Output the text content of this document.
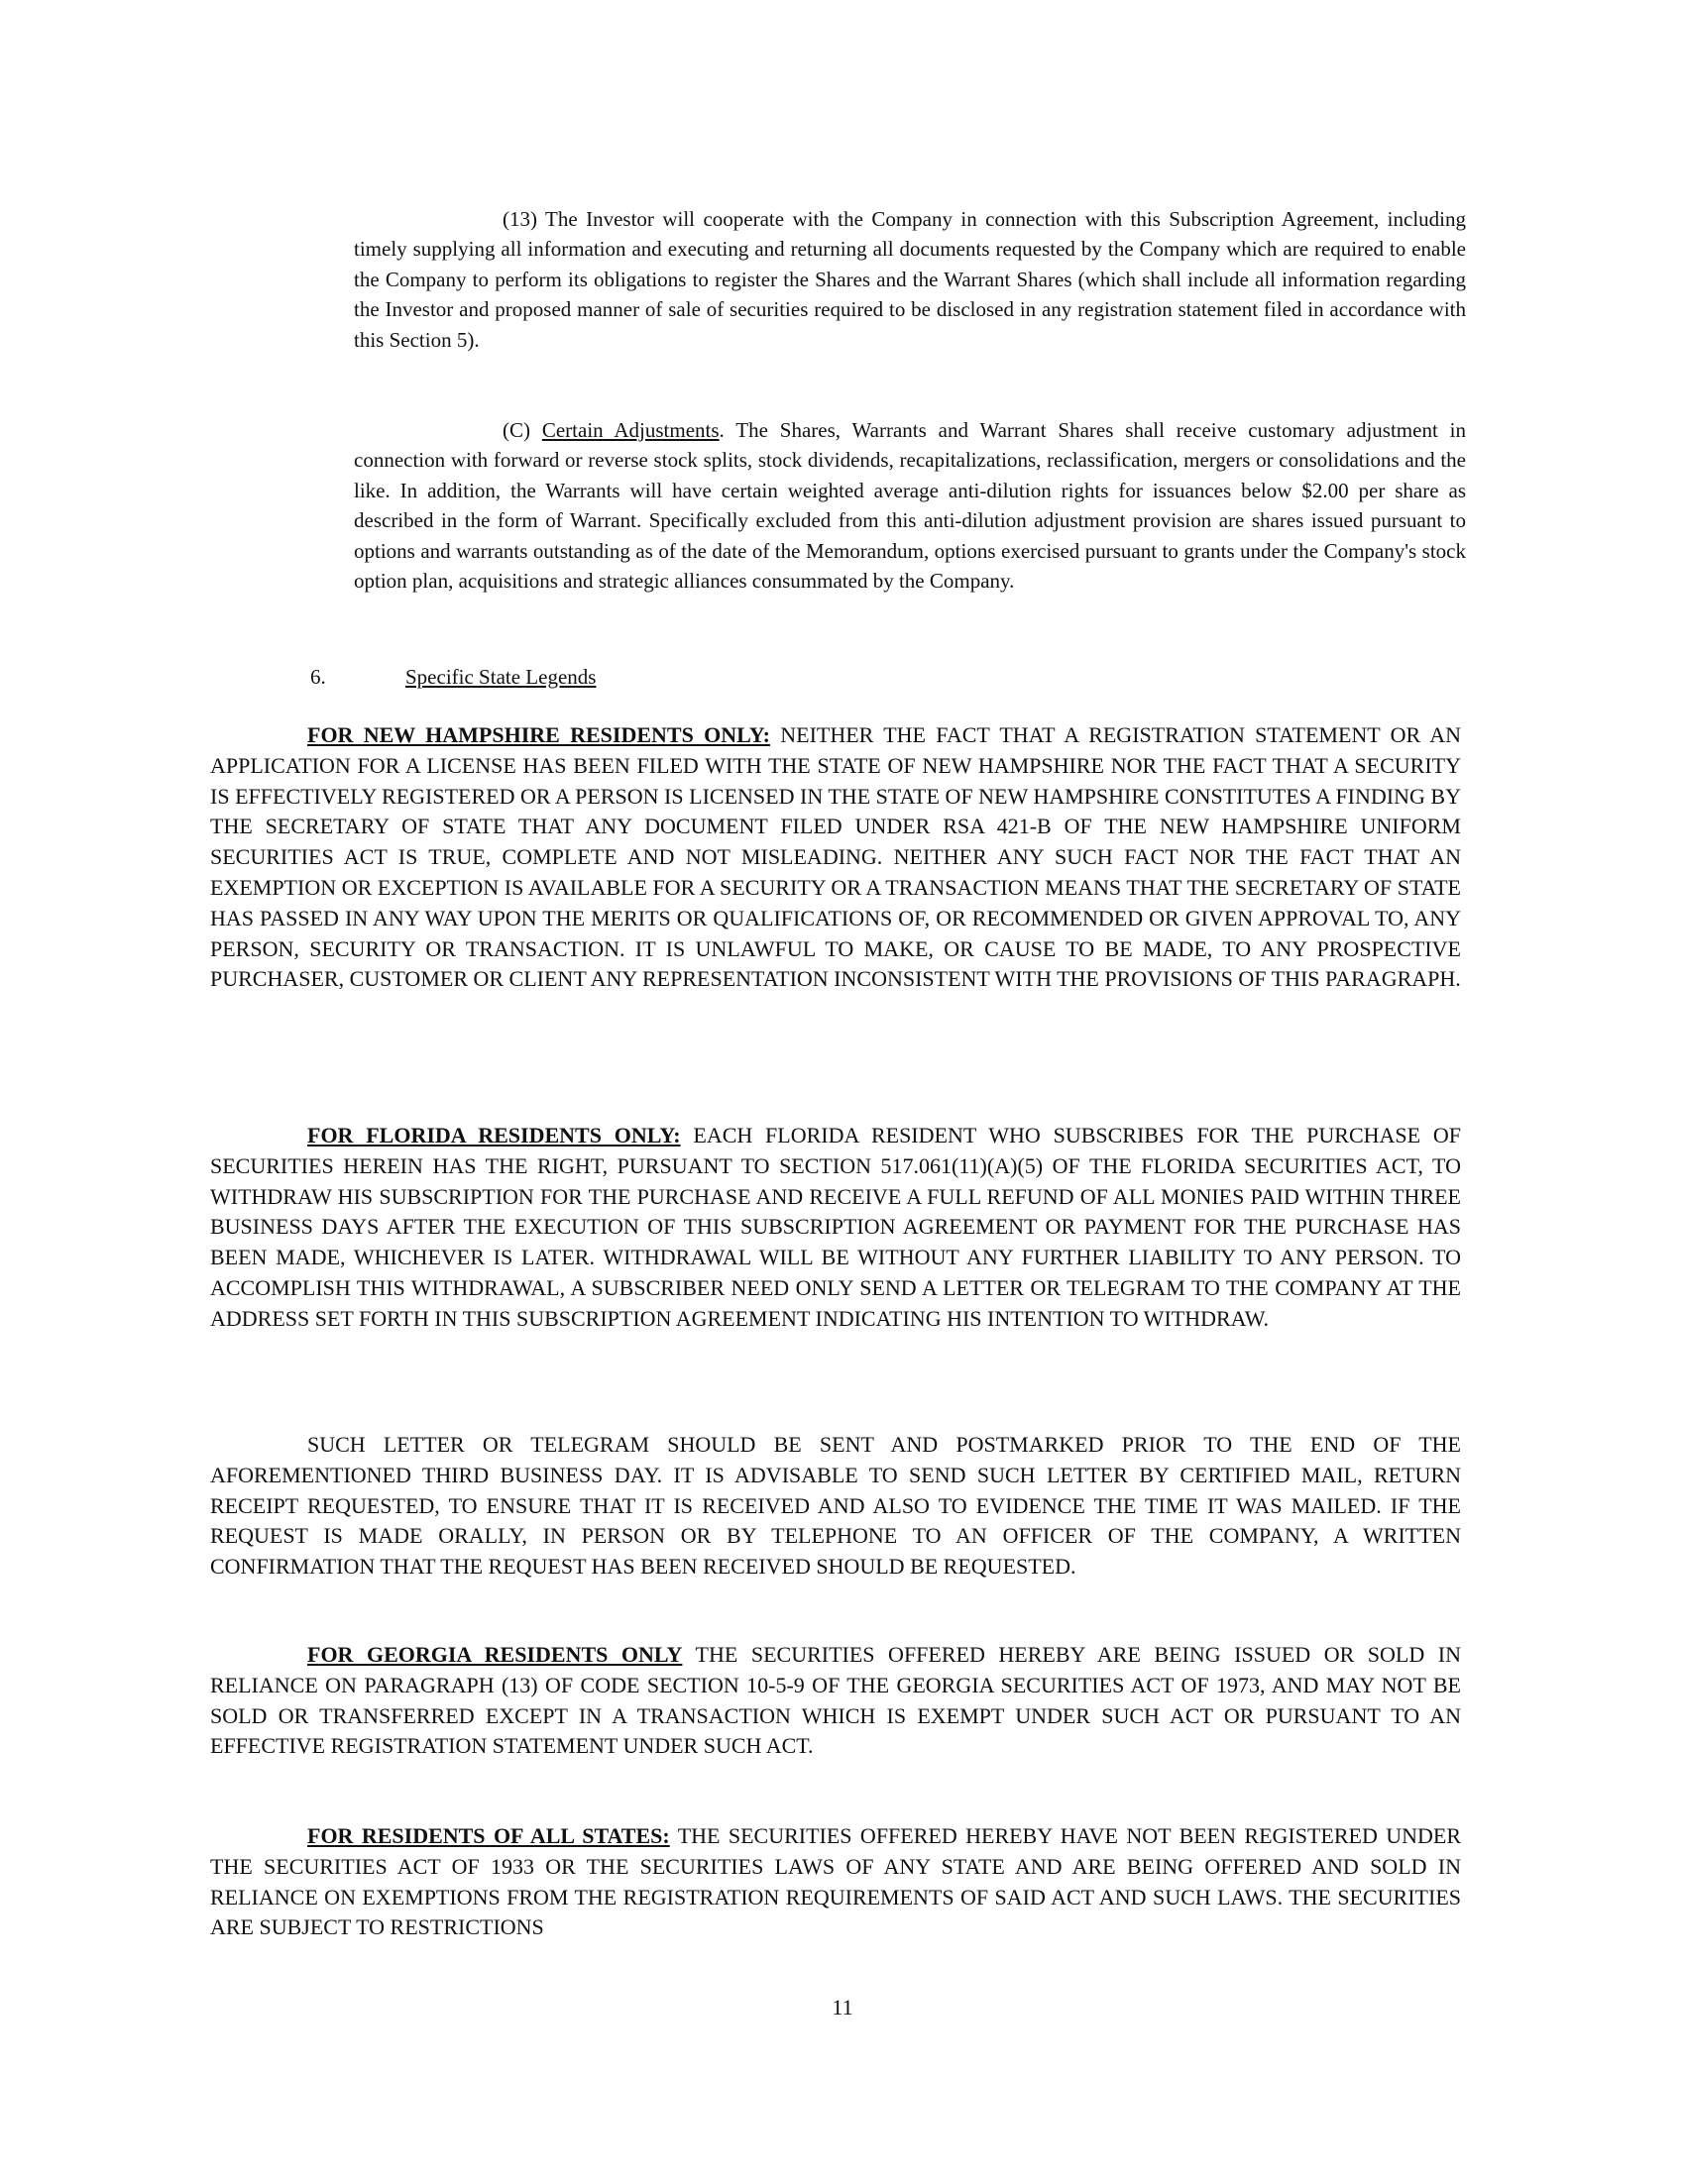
(13) The Investor will cooperate with the Company in connection with this Subscription Agreement, including timely supplying all information and executing and returning all documents requested by the Company which are required to enable the Company to perform its obligations to register the Shares and the Warrant Shares (which shall include all information regarding the Investor and proposed manner of sale of securities required to be disclosed in any registration statement filed in accordance with this Section 5).

(C) Certain Adjustments. The Shares, Warrants and Warrant Shares shall receive customary adjustment in connection with forward or reverse stock splits, stock dividends, recapitalizations, reclassification, mergers or consolidations and the like. In addition, the Warrants will have certain weighted average anti-dilution rights for issuances below $2.00 per share as described in the form of Warrant. Specifically excluded from this anti-dilution adjustment provision are shares issued pursuant to options and warrants outstanding as of the date of the Memorandum, options exercised pursuant to grants under the Company's stock option plan, acquisitions and strategic alliances consummated by the Company.

6.	Specific State Legends

FOR NEW HAMPSHIRE RESIDENTS ONLY: NEITHER THE FACT THAT A REGISTRATION STATEMENT OR AN APPLICATION FOR A LICENSE HAS BEEN FILED WITH THE STATE OF NEW HAMPSHIRE NOR THE FACT THAT A SECURITY IS EFFECTIVELY REGISTERED OR A PERSON IS LICENSED IN THE STATE OF NEW HAMPSHIRE CONSTITUTES A FINDING BY THE SECRETARY OF STATE THAT ANY DOCUMENT FILED UNDER RSA 421-B OF THE NEW HAMPSHIRE UNIFORM SECURITIES ACT IS TRUE, COMPLETE AND NOT MISLEADING. NEITHER ANY SUCH FACT NOR THE FACT THAT AN EXEMPTION OR EXCEPTION IS AVAILABLE FOR A SECURITY OR A TRANSACTION MEANS THAT THE SECRETARY OF STATE HAS PASSED IN ANY WAY UPON THE MERITS OR QUALIFICATIONS OF, OR RECOMMENDED OR GIVEN APPROVAL TO, ANY PERSON, SECURITY OR TRANSACTION. IT IS UNLAWFUL TO MAKE, OR CAUSE TO BE MADE, TO ANY PROSPECTIVE PURCHASER, CUSTOMER OR CLIENT ANY REPRESENTATION INCONSISTENT WITH THE PROVISIONS OF THIS PARAGRAPH.

FOR FLORIDA RESIDENTS ONLY: EACH FLORIDA RESIDENT WHO SUBSCRIBES FOR THE PURCHASE OF SECURITIES HEREIN HAS THE RIGHT, PURSUANT TO SECTION 517.061(11)(A)(5) OF THE FLORIDA SECURITIES ACT, TO WITHDRAW HIS SUBSCRIPTION FOR THE PURCHASE AND RECEIVE A FULL REFUND OF ALL MONIES PAID WITHIN THREE BUSINESS DAYS AFTER THE EXECUTION OF THIS SUBSCRIPTION AGREEMENT OR PAYMENT FOR THE PURCHASE HAS BEEN MADE, WHICHEVER IS LATER. WITHDRAWAL WILL BE WITHOUT ANY FURTHER LIABILITY TO ANY PERSON. TO ACCOMPLISH THIS WITHDRAWAL, A SUBSCRIBER NEED ONLY SEND A LETTER OR TELEGRAM TO THE COMPANY AT THE ADDRESS SET FORTH IN THIS SUBSCRIPTION AGREEMENT INDICATING HIS INTENTION TO WITHDRAW.

SUCH LETTER OR TELEGRAM SHOULD BE SENT AND POSTMARKED PRIOR TO THE END OF THE AFOREMENTIONED THIRD BUSINESS DAY. IT IS ADVISABLE TO SEND SUCH LETTER BY CERTIFIED MAIL, RETURN RECEIPT REQUESTED, TO ENSURE THAT IT IS RECEIVED AND ALSO TO EVIDENCE THE TIME IT WAS MAILED. IF THE REQUEST IS MADE ORALLY, IN PERSON OR BY TELEPHONE TO AN OFFICER OF THE COMPANY, A WRITTEN CONFIRMATION THAT THE REQUEST HAS BEEN RECEIVED SHOULD BE REQUESTED.

FOR GEORGIA RESIDENTS ONLY THE SECURITIES OFFERED HEREBY ARE BEING ISSUED OR SOLD IN RELIANCE ON PARAGRAPH (13) OF CODE SECTION 10-5-9 OF THE GEORGIA SECURITIES ACT OF 1973, AND MAY NOT BE SOLD OR TRANSFERRED EXCEPT IN A TRANSACTION WHICH IS EXEMPT UNDER SUCH ACT OR PURSUANT TO AN EFFECTIVE REGISTRATION STATEMENT UNDER SUCH ACT.

FOR RESIDENTS OF ALL STATES: THE SECURITIES OFFERED HEREBY HAVE NOT BEEN REGISTERED UNDER THE SECURITIES ACT OF 1933 OR THE SECURITIES LAWS OF ANY STATE AND ARE BEING OFFERED AND SOLD IN RELIANCE ON EXEMPTIONS FROM THE REGISTRATION REQUIREMENTS OF SAID ACT AND SUCH LAWS. THE SECURITIES ARE SUBJECT TO RESTRICTIONS

11
